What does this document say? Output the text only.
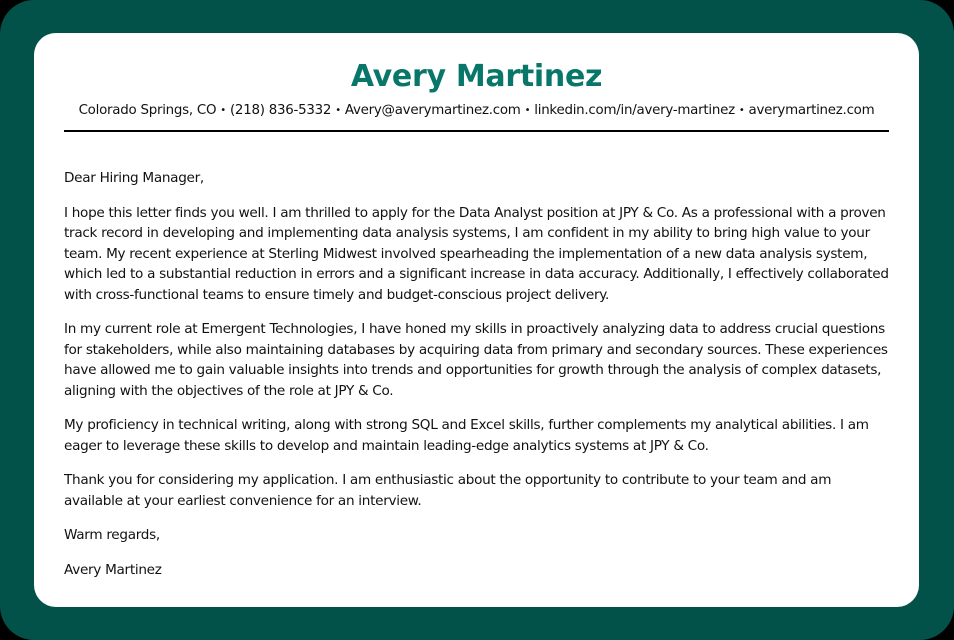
Avery Martinez
Colorado Springs, CO • (218) 836-5332 • Avery@averymartinez.com • linkedin.com/in/avery-martinez • averymartinez.com

Dear Hiring Manager,

I hope this letter finds you well. I am thrilled to apply for the Data Analyst position at JPY & Co. As a professional with a proven track record in developing and implementing data analysis systems, I am confident in my ability to bring high value to your team. My recent experience at Sterling Midwest involved spearheading the implementation of a new data analysis system, which led to a substantial reduction in errors and a significant increase in data accuracy. Additionally, I effectively collaborated with cross-functional teams to ensure timely and budget-conscious project delivery.

In my current role at Emergent Technologies, I have honed my skills in proactively analyzing data to address crucial questions for stakeholders, while also maintaining databases by acquiring data from primary and secondary sources. These experiences have allowed me to gain valuable insights into trends and opportunities for growth through the analysis of complex datasets, aligning with the objectives of the role at JPY & Co.

My proficiency in technical writing, along with strong SQL and Excel skills, further complements my analytical abilities. I am eager to leverage these skills to develop and maintain leading-edge analytics systems at JPY & Co.

Thank you for considering my application. I am enthusiastic about the opportunity to contribute to your team and am available at your earliest convenience for an interview.

Warm regards,

Avery Martinez
